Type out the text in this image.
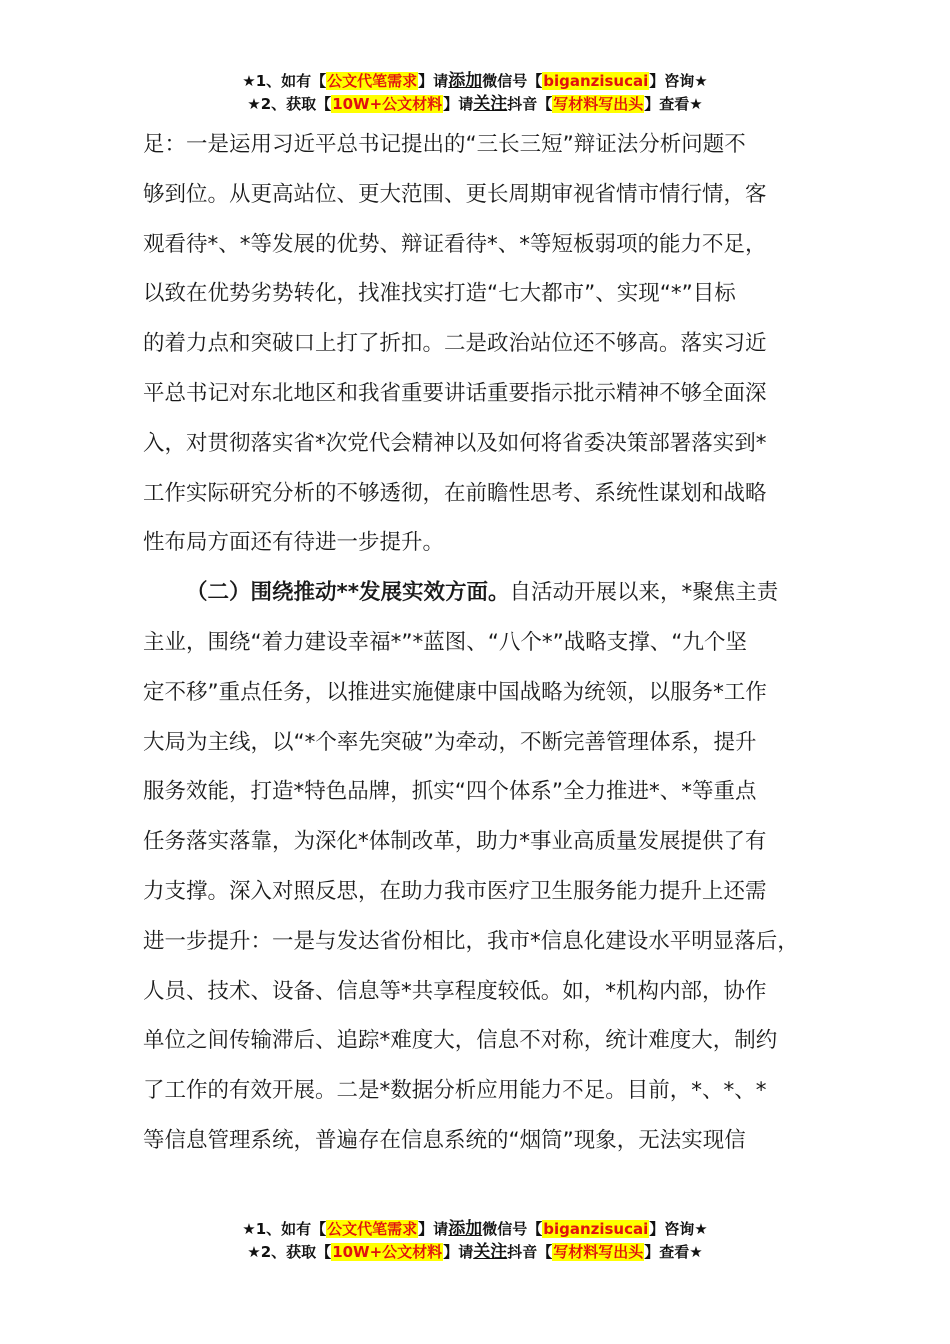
★1、如有【公文代笔需求】请添加微信号【biganzisucai】咨询★
★2、获取【10W+公文材料】请关注抖音【写材料写出头】查看★
足：一是运用习近平总书记提出的“三长三短”辩证法分析问题不
够到位。从更高站位、更大范围、更长周期审视省情市情行情，客
观看待*、*等发展的优势、辩证看待*、*等短板弱项的能力不足，
以致在优势劣势转化，找准找实打造“七大都市”、实现“*”目标
的着力点和突破口上打了折扣。二是政治站位还不够高。落实习近
平总书记对东北地区和我省重要讲话重要指示批示精神不够全面深
入，对贯彻落实省*次党代会精神以及如何将省委决策部署落实到*
工作实际研究分析的不够透彻，在前瞻性思考、系统性谋划和战略
性布局方面还有待进一步提升。
（二）围绕推动**发展实效方面。自活动开展以来，*聚焦主责
主业，围绕“着力建设幸福*”*蓝图、“八个*”战略支撑、“九个坚
定不移”重点任务，以推进实施健康中国战略为统领，以服务*工作
大局为主线，以“*个率先突破”为牵动，不断完善管理体系，提升
服务效能，打造*特色品牌，抓实“四个体系”全力推进*、*等重点
任务落实落靠，为深化*体制改革，助力*事业高质量发展提供了有
力支撑。深入对照反思，在助力我市医疗卫生服务能力提升上还需
进一步提升：一是与发达省份相比，我市*信息化建设水平明显落后，
人员、技术、设备、信息等*共享程度较低。如，*机构内部，协作
单位之间传输滞后、追踪*难度大，信息不对称，统计难度大，制约
了工作的有效开展。二是*数据分析应用能力不足。目前，*、*、*
等信息管理系统，普遍存在信息系统的“烟筒”现象，无法实现信
★1、如有【公文代笔需求】请添加微信号【biganzisucai】咨询★
★2、获取【10W+公文材料】请关注抖音【写材料写出头】查看★
